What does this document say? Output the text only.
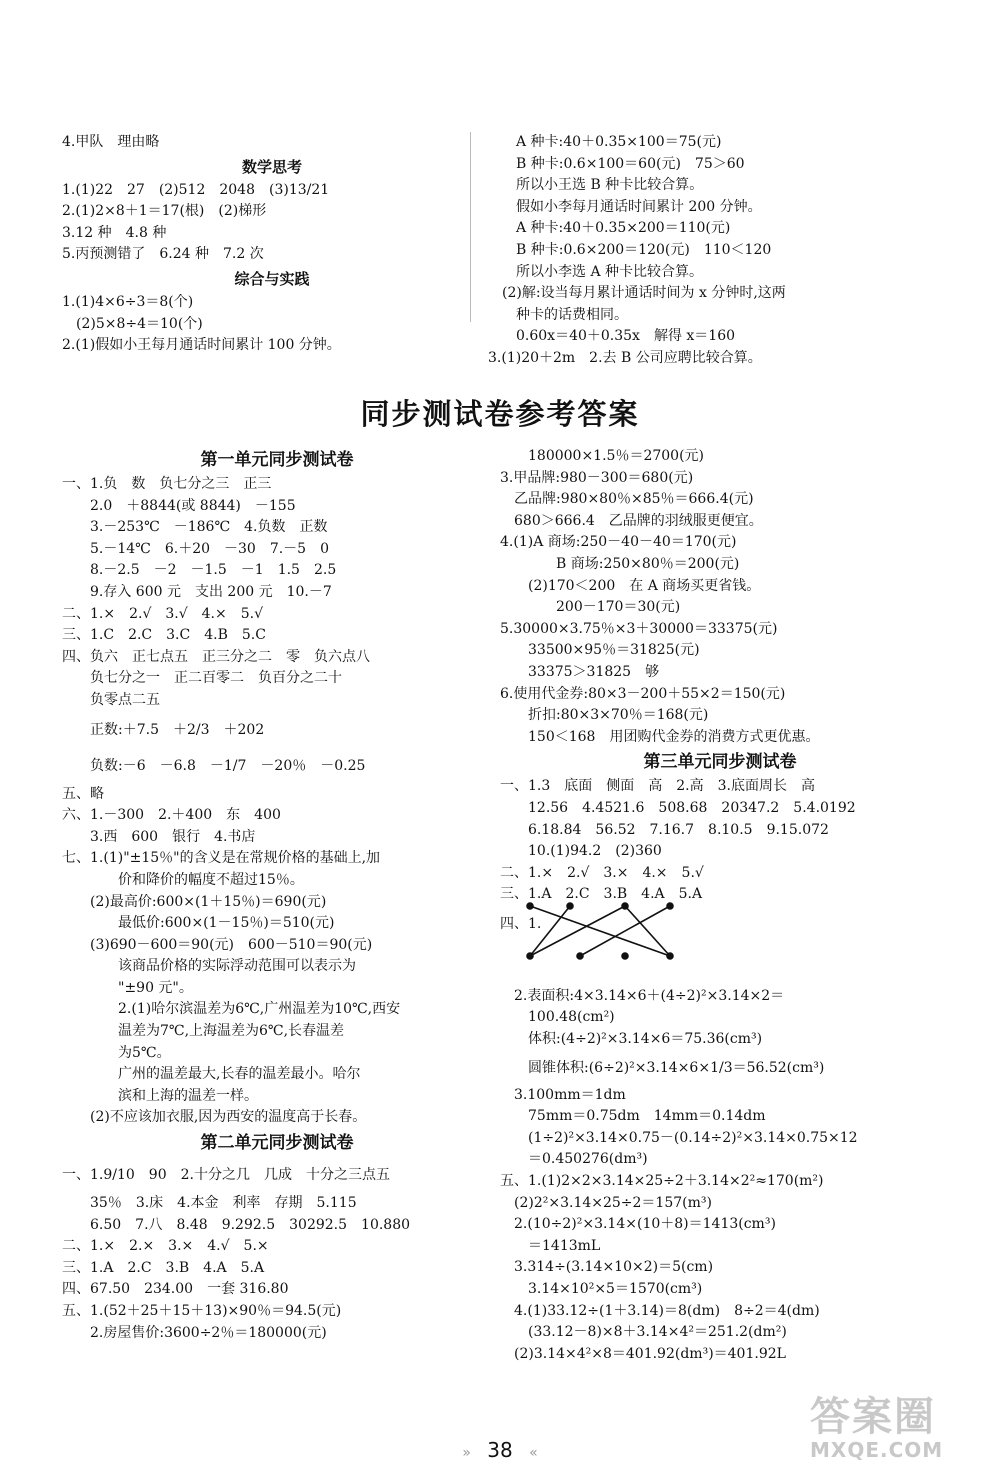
4.甲队　理由略
数学思考
1.(1)22　27　(2)512　2048　(3)13/21
2.(1)2×8＋1＝17(根)　(2)梯形
3.12 种　4.8 种
5.丙预测错了　6.24 种　7.2 次
综合与实践
1.(1)4×6÷3＝8(个)
　(2)5×8÷4＝10(个)
2.(1)假如小王每月通话时间累计 100 分钟。
A 种卡:40＋0.35×100＝75(元)
B 种卡:0.6×100＝60(元)　75＞60
所以小王选 B 种卡比较合算。
假如小李每月通话时间累计 200 分钟。
A 种卡:40＋0.35×200＝110(元)
B 种卡:0.6×200＝120(元)　110＜120
所以小李选 A 种卡比较合算。
(2)解:设当每月累计通话时间为 x 分钟时,这两
种卡的话费相同。
0.60x＝40＋0.35x　解得 x＝160
3.(1)20＋2m　2.去 B 公司应聘比较合算。
同步测试卷参考答案
第一单元同步测试卷
一、1.负　数　负七分之三　正三
2.0　＋8844(或 8844)　－155
3.－253℃　－186℃　4.负数　正数
5.－14℃　6.＋20　－30　7.－5　0
8.－2.5　－2　－1.5　－1　1.5　2.5
9.存入 600 元　支出 200 元　10.－7
二、1.×　2.√　3.√　4.×　5.√
三、1.C　2.C　3.C　4.B　5.C
四、负六　正七点五　正三分之二　零　负六点八
负七分之一　正二百零二　负百分之二十
负零点二五
正数:＋7.5　＋2/3　＋202
负数:－6　－6.8　－1/7　－20％　－0.25
五、略
六、1.－300　2.＋400　东　400
3.西　600　银行　4.书店
七、1.(1)"±15％"的含义是在常规价格的基础上,加
价和降价的幅度不超过15％。
(2)最高价:600×(1＋15％)＝690(元)
最低价:600×(1－15％)＝510(元)
(3)690－600＝90(元)　600－510＝90(元)
该商品价格的实际浮动范围可以表示为
"±90 元"。
2.(1)哈尔滨温差为6℃,广州温差为10℃,西安
温差为7℃,上海温差为6℃,长春温差
为5℃。
广州的温差最大,长春的温差最小。哈尔
滨和上海的温差一样。
(2)不应该加衣服,因为西安的温度高于长春。
第二单元同步测试卷
一、1.9/10　90　2.十分之几　几成　十分之三点五
35％　3.床　4.本金　利率　存期　5.115
6.50　7.八　8.48　9.292.5　30292.5　10.880
二、1.×　2.×　3.×　4.√　5.×
三、1.A　2.C　3.B　4.A　5.A
四、67.50　234.00　一套 316.80
五、1.(52＋25＋15＋13)×90％＝94.5(元)
2.房屋售价:3600÷2％＝180000(元)
180000×1.5％＝2700(元)
3.甲品牌:980－300＝680(元)
乙品牌:980×80％×85％＝666.4(元)
680＞666.4　乙品牌的羽绒服更便宜。
4.(1)A 商场:250－40－40＝170(元)
B 商场:250×80％＝200(元)
(2)170＜200　在 A 商场买更省钱。
200－170＝30(元)
5.30000×3.75％×3＋30000＝33375(元)
33500×95％＝31825(元)
33375＞31825　够
6.使用代金券:80×3－200＋55×2＝150(元)
折扣:80×3×70％＝168(元)
150＜168　用团购代金券的消费方式更优惠。
第三单元同步测试卷
一、1.3　底面　侧面　高　2.高　3.底面周长　高
12.56　4.4521.6　508.68　20347.2　5.4.0192
6.18.84　56.52　7.16.7　8.10.5　9.15.072
10.(1)94.2　(2)360
二、1.×　2.√　3.×　4.×　5.√
三、1.A　2.C　3.B　4.A　5.A
四、1.
2.表面积:4×3.14×6＋(4÷2)²×3.14×2＝
100.48(cm²)
体积:(4÷2)²×3.14×6＝75.36(cm³)
圆锥体积:(6÷2)²×3.14×6×1/3＝56.52(cm³)
3.100mm＝1dm
75mm＝0.75dm　14mm＝0.14dm
(1÷2)²×3.14×0.75－(0.14÷2)²×3.14×0.75×12
＝0.450276(dm³)
五、1.(1)2×2×3.14×25÷2＋3.14×2²≈170(m²)
(2)2²×3.14×25÷2＝157(m³)
2.(10÷2)²×3.14×(10＋8)＝1413(cm³)
＝1413mL
3.314÷(3.14×10×2)＝5(cm)
3.14×10²×5＝1570(cm³)
4.(1)33.12÷(1＋3.14)＝8(dm)　8÷2＝4(dm)
(33.12－8)×8＋3.14×4²＝251.2(dm²)
(2)3.14×4²×8＝401.92(dm³)＝401.92L
» 38 «
答案圈
MXQE.COM
